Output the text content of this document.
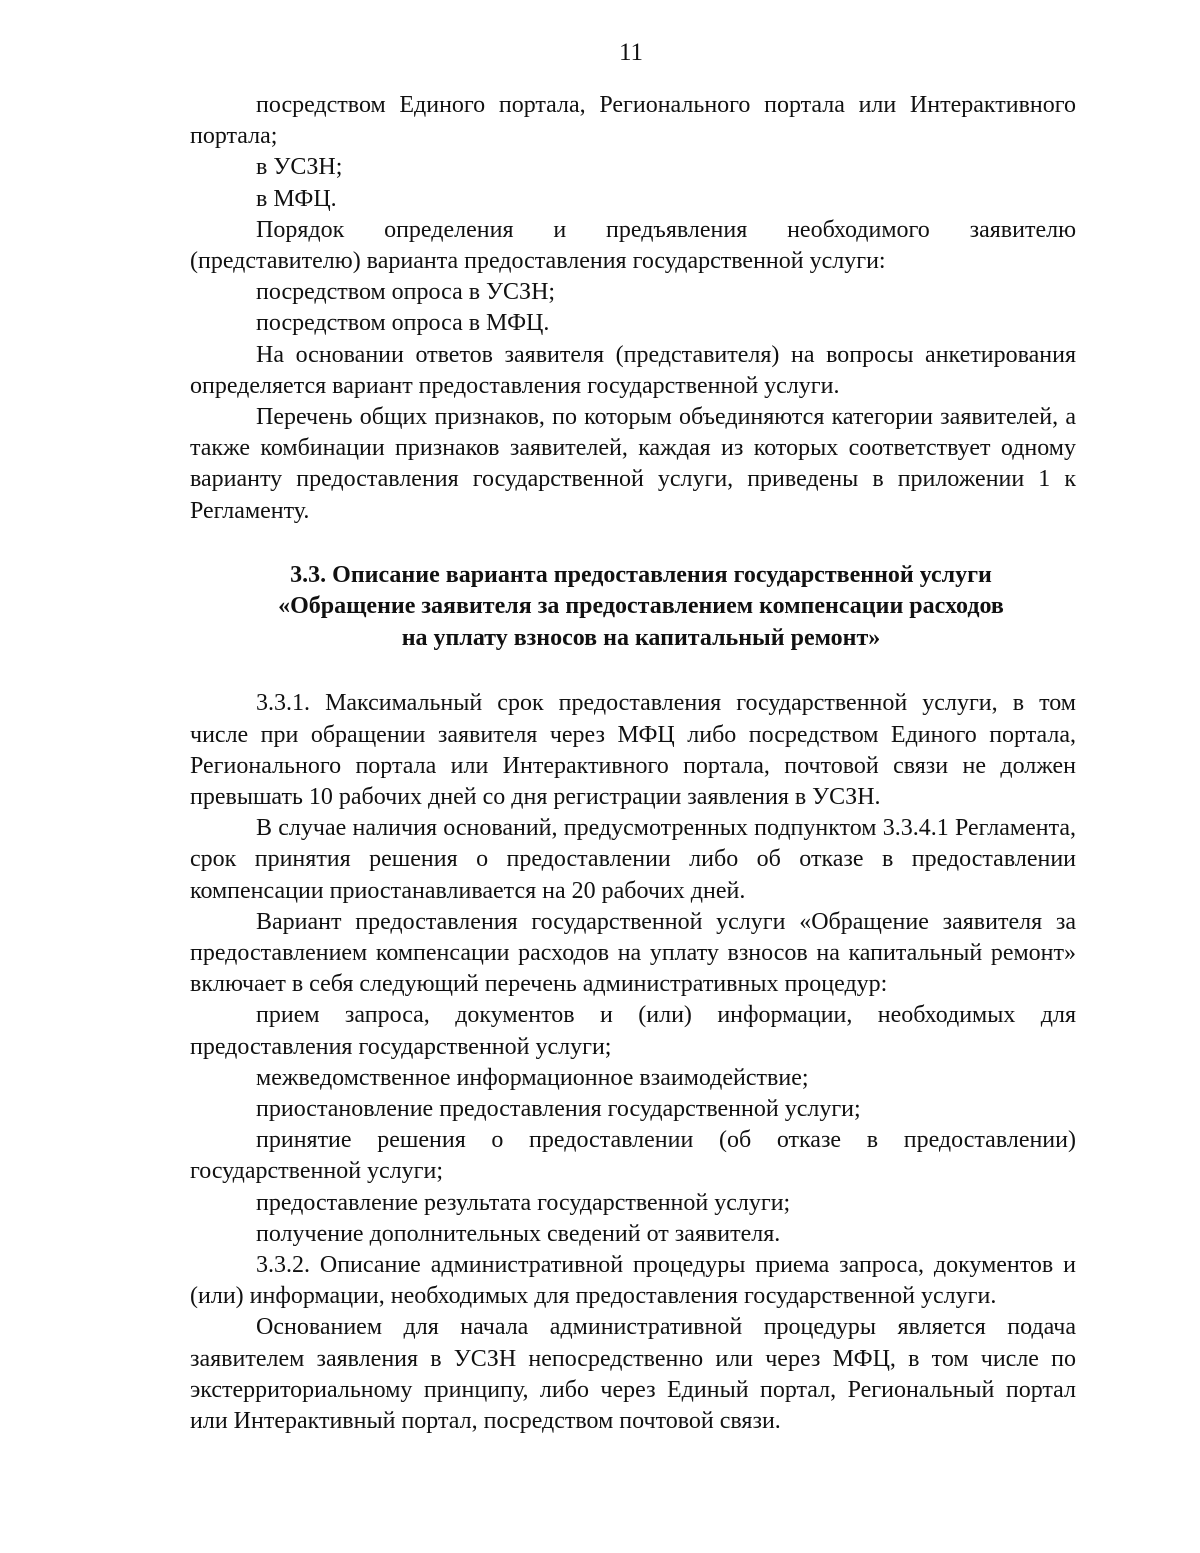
11

посредством Единого портала, Регионального портала или Интерактивного портала;

в УСЗН;

в МФЦ.

Порядок определения и предъявления необходимого заявителю (представителю) варианта предоставления государственной услуги:

посредством опроса в УСЗН;

посредством опроса в МФЦ.

На основании ответов заявителя (представителя) на вопросы анкетирования определяется вариант предоставления государственной услуги.

Перечень общих признаков, по которым объединяются категории заявителей, а также комбинации признаков заявителей, каждая из которых соответствует одному варианту предоставления государственной услуги, приведены в приложении 1 к Регламенту.

3.3. Описание варианта предоставления государственной услуги «Обращение заявителя за предоставлением компенсации расходов на уплату взносов на капитальный ремонт»

3.3.1. Максимальный срок предоставления государственной услуги, в том числе при обращении заявителя через МФЦ либо посредством Единого портала, Регионального портала или Интерактивного портала, почтовой связи не должен превышать 10 рабочих дней со дня регистрации заявления в УСЗН.

В случае наличия оснований, предусмотренных подпунктом 3.3.4.1 Регламента, срок принятия решения о предоставлении либо об отказе в предоставлении компенсации приостанавливается на 20 рабочих дней.

Вариант предоставления государственной услуги «Обращение заявителя за предоставлением компенсации расходов на уплату взносов на капитальный ремонт» включает в себя следующий перечень административных процедур:

прием запроса, документов и (или) информации, необходимых для предоставления государственной услуги;

межведомственное информационное взаимодействие;

приостановление предоставления государственной услуги;

принятие решения о предоставлении (об отказе в предоставлении) государственной услуги;

предоставление результата государственной услуги;

получение дополнительных сведений от заявителя.

3.3.2. Описание административной процедуры приема запроса, документов и (или) информации, необходимых для предоставления государственной услуги.

Основанием для начала административной процедуры является подача заявителем заявления в УСЗН непосредственно или через МФЦ, в том числе по экстерриториальному принципу, либо через Единый портал, Региональный портал или Интерактивный портал, посредством почтовой связи.
